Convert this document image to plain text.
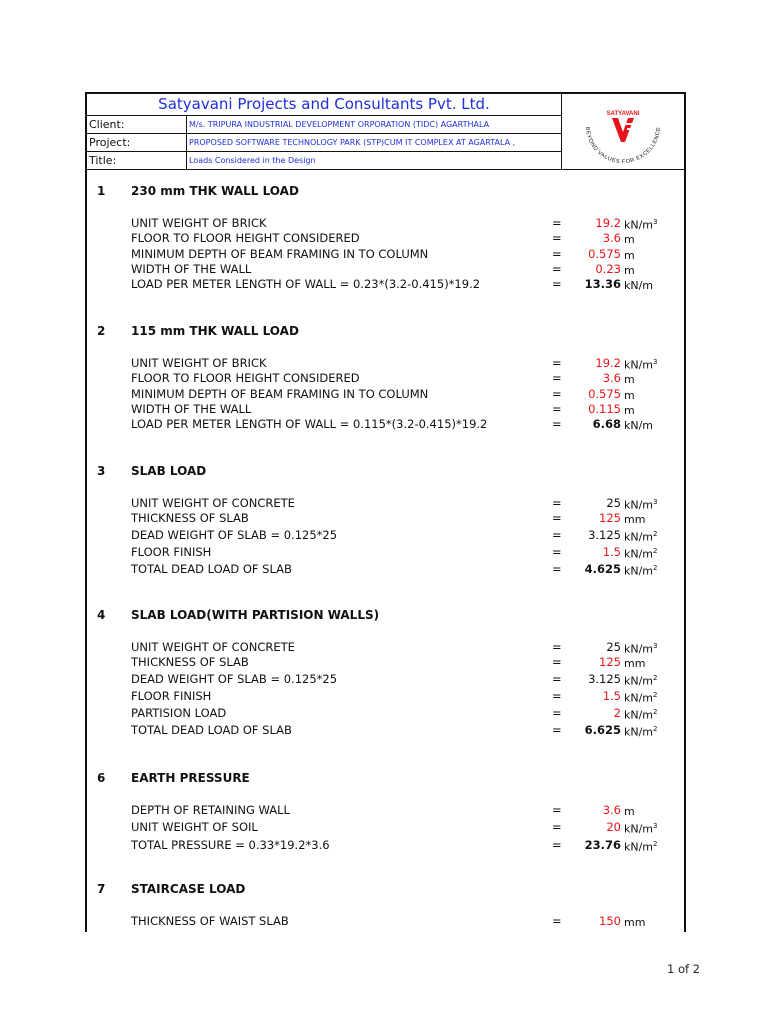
Satyavani Projects and Consultants Pvt. Ltd.
Client:	M/s. TRIPURA INDUSTRIAL DEVELOPMENT ORPORATION (TIDC) AGARTHALA
Project:	PROPOSED SOFTWARE TECHNOLOGY PARK (STP)CUM IT COMPLEX AT AGARTALA ,
Title:	Loads Considered in the Design
SATYAVANI
BEYOND VALUES FOR EXCELLENCE
1 230 mm THK WALL LOAD
UNIT WEIGHT OF BRICK	=	19.2 $kN/m^3$
FLOOR TO FLOOR HEIGHT CONSIDERED	=	3.6 m
MINIMUM DEPTH OF BEAM FRAMING IN TO COLUMN	= 0.575 m
WIDTH OF THE WALL	=	0.23 m
LOAD PER METER LENGTH OF WALL = 0.23*(3.2-0.415)*19.2	= 13.36 kN/m
2 115 mm THK WALL LOAD
UNIT WEIGHT OF BRICK	=	19.2 $kN/m^3$
FLOOR TO FLOOR HEIGHT CONSIDERED	=	3.6 m
MINIMUM DEPTH OF BEAM FRAMING IN TO COLUMN	= 0.575 m
WIDTH OF THE WALL	= 0.115 m
LOAD PER METER LENGTH OF WALL = 0.115*(3.2-0.415)*19.2	=	6.68 kN/m
3 SLAB LOAD
UNIT WEIGHT OF CONCRETE	=	25 $kN/m^3$
THICKNESS OF SLAB	=	125 mm
DEAD WEIGHT OF SLAB = 0.125*25	= 3.125 $kN/m^2$
FLOOR FINISH	=	1.5 $kN/m^2$
TOTAL DEAD LOAD OF SLAB	= 4.625 $kN/m^2$
4 SLAB LOAD(WITH PARTISION WALLS)
UNIT WEIGHT OF CONCRETE	=	25 $kN/m^3$
THICKNESS OF SLAB	=	125 mm
DEAD WEIGHT OF SLAB = 0.125*25	= 3.125 $kN/m^2$
FLOOR FINISH	=	1.5 $kN/m^2$
PARTISION LOAD	=	2 $kN/m^2$
TOTAL DEAD LOAD OF SLAB	= 6.625 $kN/m^2$
6 EARTH PRESSURE
DEPTH OF RETAINING WALL	=	3.6 m
UNIT WEIGHT OF SOIL	=	20 $kN/m^3$
TOTAL PRESSURE = 0.33*19.2*3.6	= 23.76 $kN/m^2$
7 STAIRCASE LOAD
THICKNESS OF WAIST SLAB	=	150 mm
1 of 2
